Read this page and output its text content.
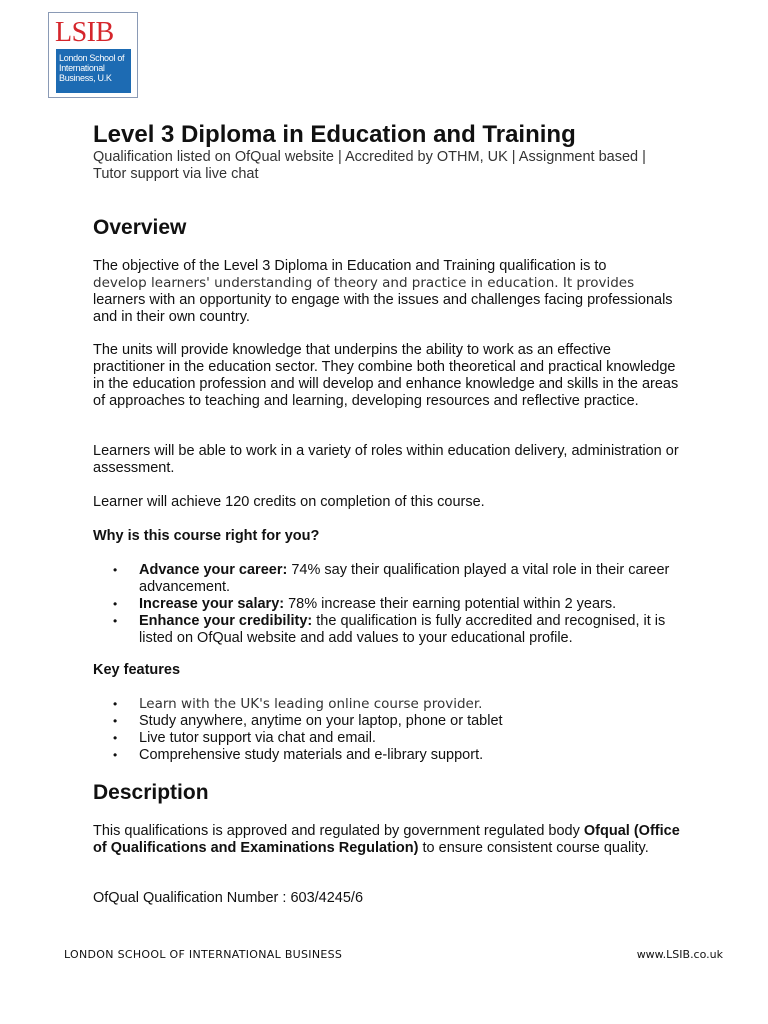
LSIB
London School of
International
Business, U.K
Level 3 Diploma in Education and Training
Qualification listed on OfQual website | Accredited by OTHM, UK | Assignment based | Tutor support via live chat
Overview

The objective of the Level 3 Diploma in Education and Training qualification is to
develop learners' understanding of theory and practice in education. It provides
learners with an opportunity to engage with the issues and challenges facing professionals and in their own country.

The units will provide knowledge that underpins the ability to work as an effective practitioner in the education sector. They combine both theoretical and practical knowledge in the education profession and will develop and enhance knowledge and skills in the areas of approaches to teaching and learning, developing resources and reflective practice.

Learners will be able to work in a variety of roles within education delivery, administration or assessment.

Learner will achieve 120 credits on completion of this course.

Why is this course right for you?

• Advance your career: 74% say their qualification played a vital role in their career advancement.
• Increase your salary: 78% increase their earning potential within 2 years.
• Enhance your credibility: the qualification is fully accredited and recognised, it is listed on OfQual website and add values to your educational profile.

Key features

• Learn with the UK's leading online course provider.
• Study anywhere, anytime on your laptop, phone or tablet
• Live tutor support via chat and email.
• Comprehensive study materials and e-library support.
Description

This qualifications is approved and regulated by government regulated body Ofqual (Office of Qualifications and Examinations Regulation) to ensure consistent course quality.

OfQual Qualification Number : 603/4245/6

LONDON SCHOOL OF INTERNATIONAL BUSINESS	www.LSIB.co.uk
